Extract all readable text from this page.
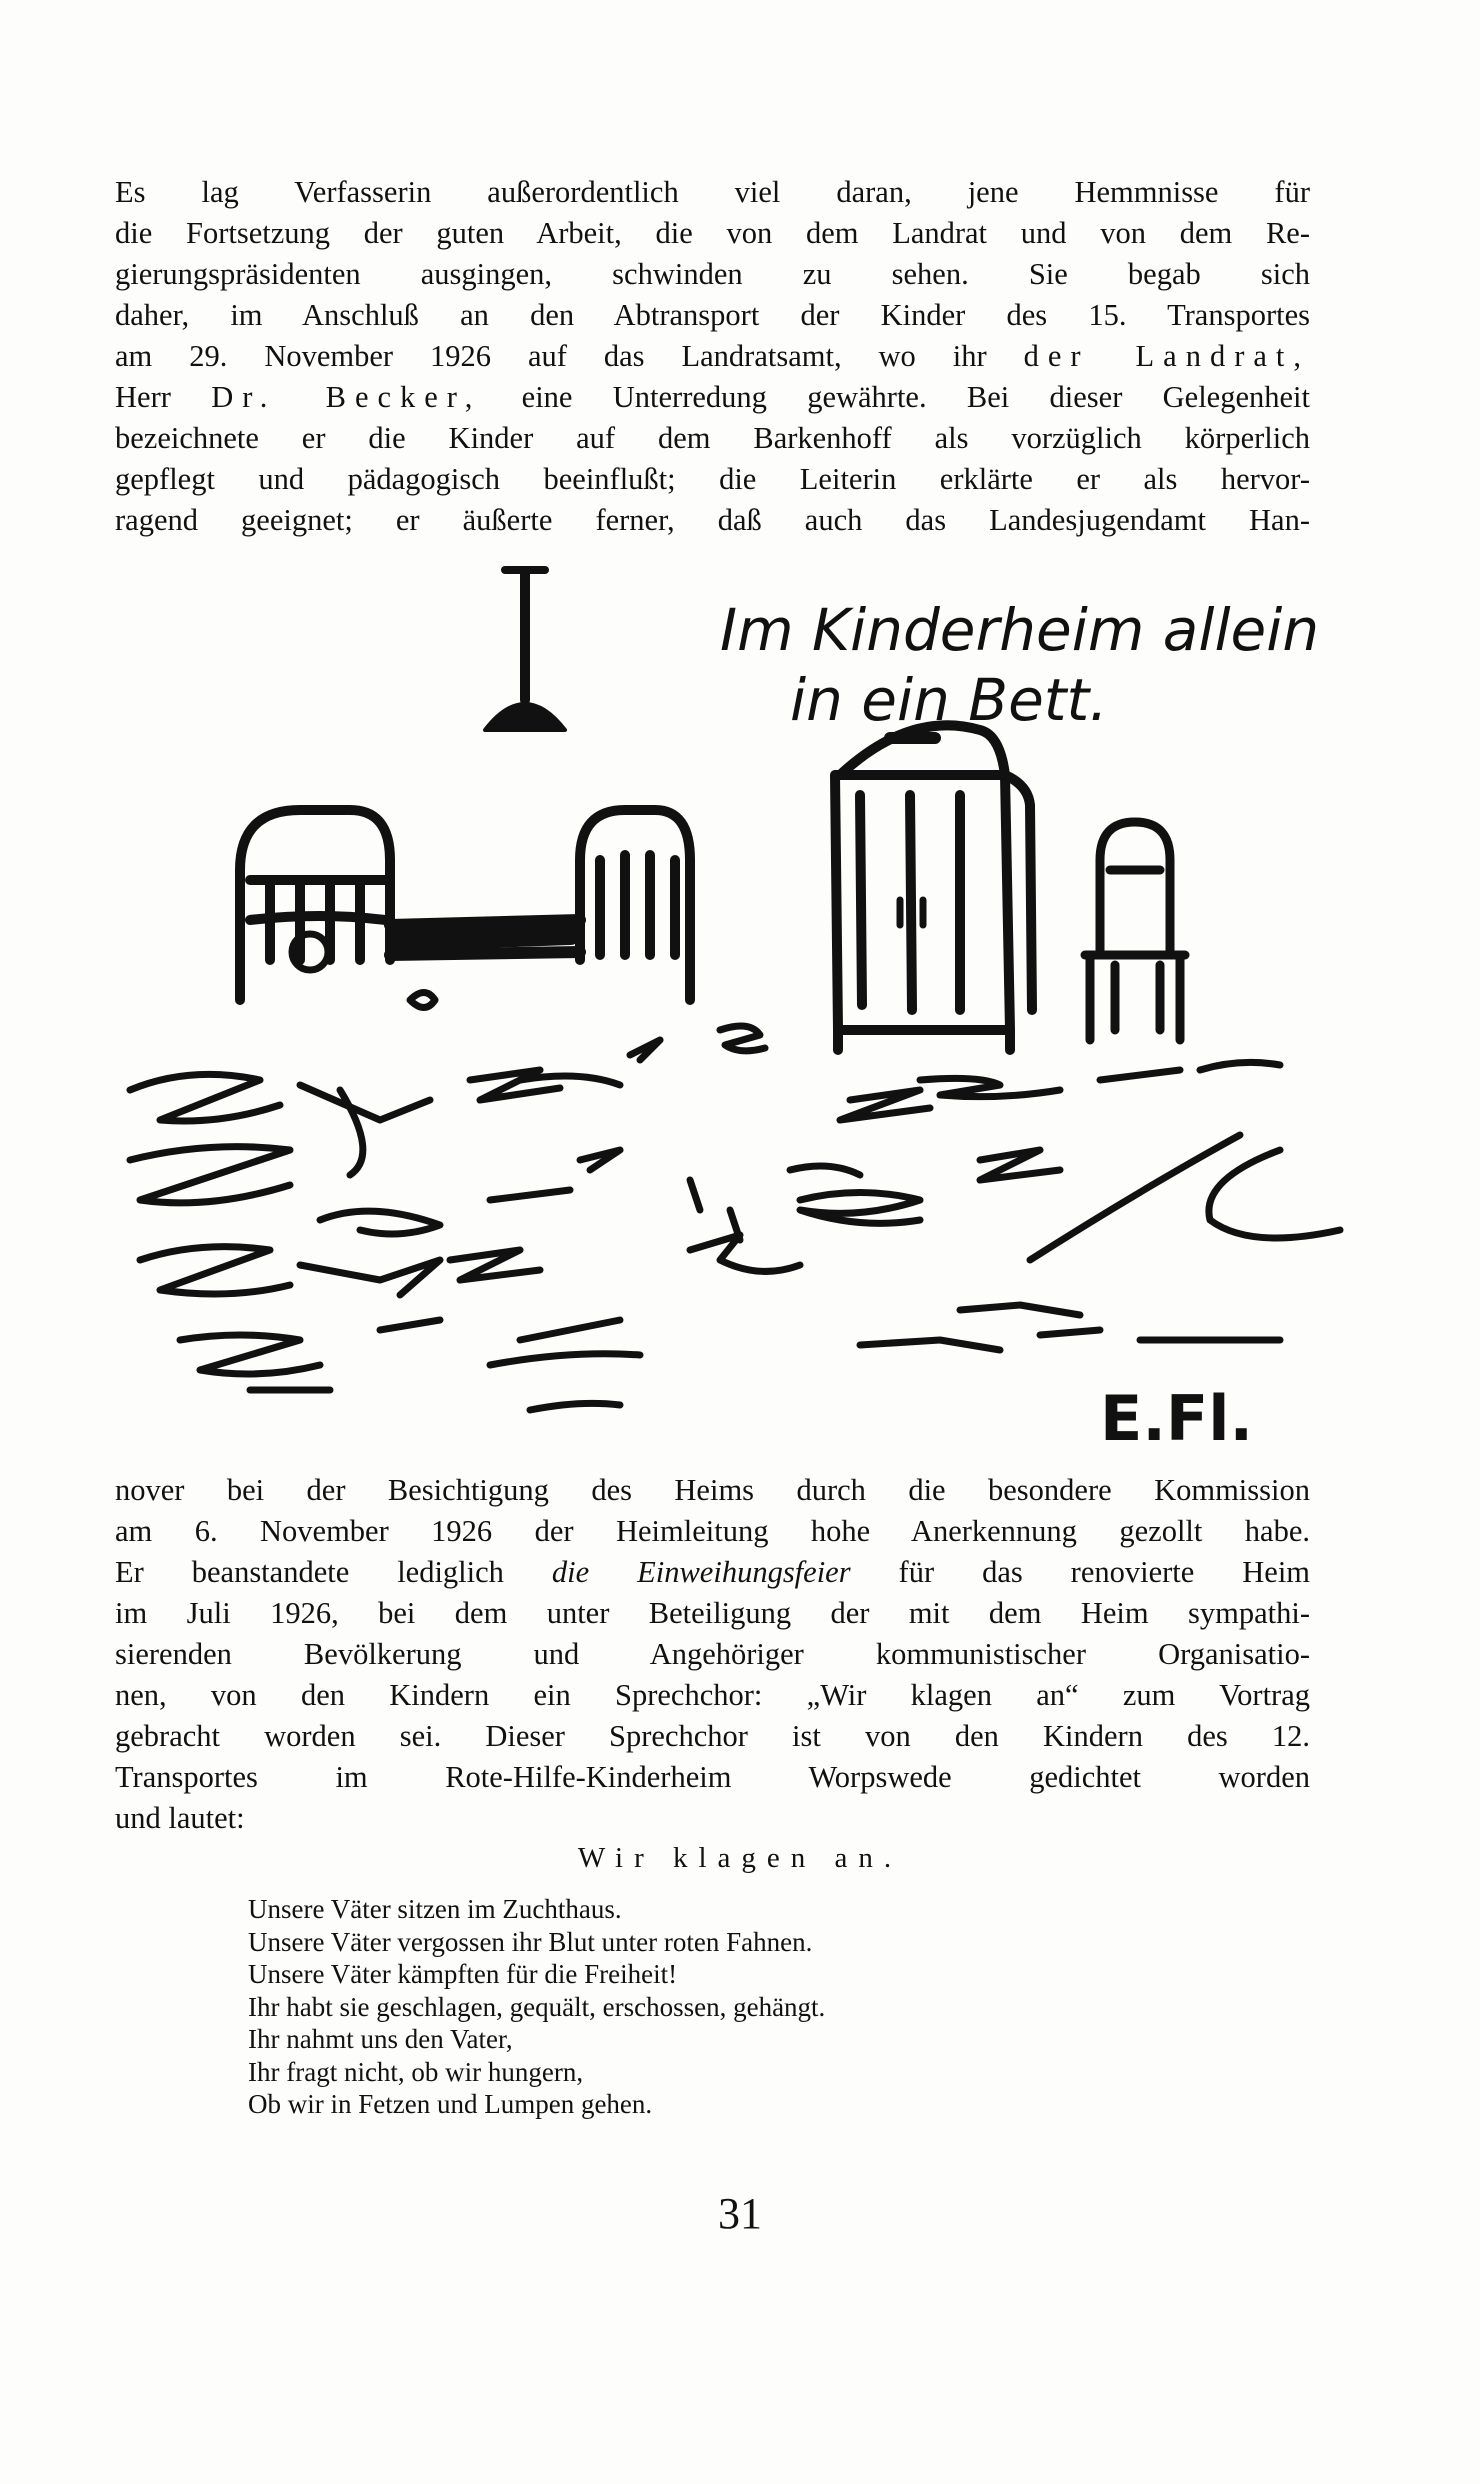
Es lag Verfasserin außerordentlich viel daran, jene Hemmnisse für
die Fortsetzung der guten Arbeit, die von dem Landrat und von dem Re-
gierungspräsidenten ausgingen, schwinden zu sehen. Sie begab sich
daher, im Anschluß an den Abtransport der Kinder des 15. Transportes
am 29. November 1926 auf das Landratsamt, wo ihr der Landrat,
Herr Dr. Becker, eine Unterredung gewährte. Bei dieser Gelegenheit
bezeichnete er die Kinder auf dem Barkenhoff als vorzüglich körperlich
gepflegt und pädagogisch beeinflußt; die Leiterin erklärte er als hervor-
ragend geeignet; er äußerte ferner, daß auch das Landesjugendamt Han-
Im Kinderheim allein
in ein Bett.
E.Fl.
nover bei der Besichtigung des Heims durch die besondere Kommission
am 6. November 1926 der Heimleitung hohe Anerkennung gezollt habe.
Er beanstandete lediglich die Einweihungsfeier für das renovierte Heim
im Juli 1926, bei dem unter Beteiligung der mit dem Heim sympathi-
sierenden Bevölkerung und Angehöriger kommunistischer Organisatio-
nen, von den Kindern ein Sprechchor: „Wir klagen an“ zum Vortrag
gebracht worden sei. Dieser Sprechchor ist von den Kindern des 12.
Transportes im Rote-Hilfe-Kinderheim Worpswede gedichtet worden
und lautet:
Wir klagen an.
Unsere Väter sitzen im Zuchthaus.
Unsere Väter vergossen ihr Blut unter roten Fahnen.
Unsere Väter kämpften für die Freiheit!
Ihr habt sie geschlagen, gequält, erschossen, gehängt.
Ihr nahmt uns den Vater,
Ihr fragt nicht, ob wir hungern,
Ob wir in Fetzen und Lumpen gehen.
31
